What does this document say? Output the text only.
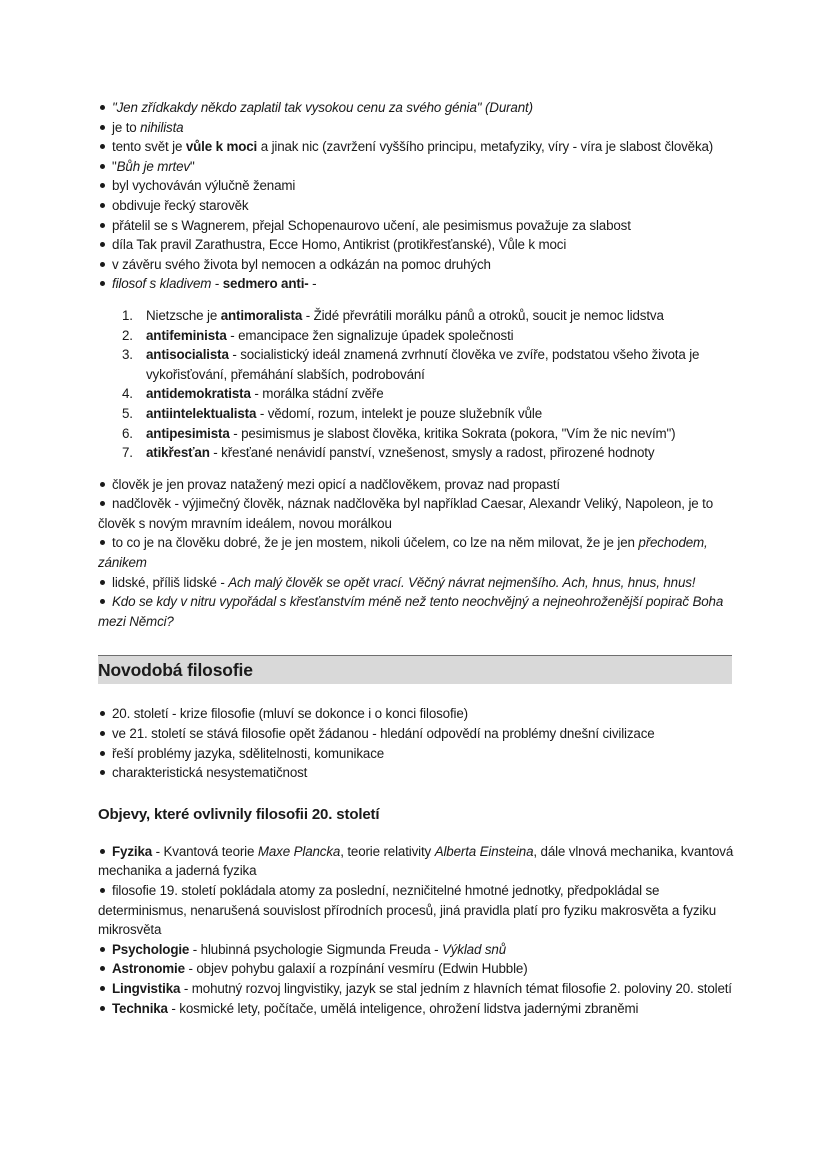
"Jen zřídkakdy někdo zaplatil tak vysokou cenu za svého génia" (Durant)
je to nihilista
tento svět je vůle k moci a jinak nic (zavržení vyššího principu, metafyziky, víry - víra je slabost člověka)
"Bůh je mrtev"
byl vychováván výlučně ženami
obdivuje řecký starověk
přátelil se s Wagnerem, přejal Schopenaurovo učení, ale pesimismus považuje za slabost
díla Tak pravil Zarathustra, Ecce Homo, Antikrist (protikřesťanské), Vůle k moci
v závěru svého života byl nemocen a odkázán na pomoc druhých
filosof s kladivem - sedmero anti- -
1. Nietzsche je antimoralista - Židé převrátili morálku pánů a otroků, soucit je nemoc lidstva
2. antifeminista - emancipace žen signalizuje úpadek společnosti
3. antisocialista - socialistický ideál znamená zvrhnutí člověka ve zvíře, podstatou všeho života je vykořisťování, přemáhání slabších, podrobování
4. antidemokratista - morálka stádní zvěře
5. antiintelektualista - vědomí, rozum, intelekt je pouze služebník vůle
6. antipesimista - pesimismus je slabost člověka, kritika Sokrata (pokora, "Vím že nic nevím")
7. atikřesťan - křesťané nenávidí panství, vznešenost, smysly a radost, přirozené hodnoty
člověk je jen provaz natažený mezi opicí a nadčlověkem, provaz nad propastí
nadčlověk - výjimečný člověk, náznak nadčlověka byl například Caesar, Alexandr Veliký, Napoleon, je to člověk s novým mravním ideálem, novou morálkou
to co je na člověku dobré, že je jen mostem, nikoli účelem, co lze na něm milovat, že je jen přechodem, zánikem
lidské, příliš lidské - Ach malý člověk se opět vrací. Věčný návrat nejmenšího. Ach, hnus, hnus, hnus!
Kdo se kdy v nitru vypořádal s křesťanstvím méně než tento neochvějný a nejneohroženější popirač Boha mezi Němci?
Novodobá filosofie
20. století - krize filosofie (mluví se dokonce i o konci filosofie)
ve 21. století se stává filosofie opět žádanou - hledání odpovědí na problémy dnešní civilizace
řeší problémy jazyka, sdělitelnosti, komunikace
charakteristická nesystematičnost
Objevy, které ovlivnily filosofii 20. století
Fyzika - Kvantová teorie Maxe Plancka, teorie relativity Alberta Einsteina, dále vlnová mechanika, kvantová mechanika a jaderná fyzika
filosofie 19. století pokládala atomy za poslední, nezničitelné hmotné jednotky, předpokládal se determinismus, nenarušená souvislost přírodních procesů, jiná pravidla platí pro fyziku makrosvěta a fyziku mikrosvěta
Psychologie - hlubinná psychologie Sigmunda Freuda - Výklad snů
Astronomie - objev pohybu galaxií a rozpínání vesmíru (Edwin Hubble)
Lingvistika - mohutný rozvoj lingvistiky, jazyk se stal jedním z hlavních témat filosofie 2. poloviny 20. století
Technika - kosmické lety, počítače, umělá inteligence, ohrožení lidstva jadernými zbraněmi
